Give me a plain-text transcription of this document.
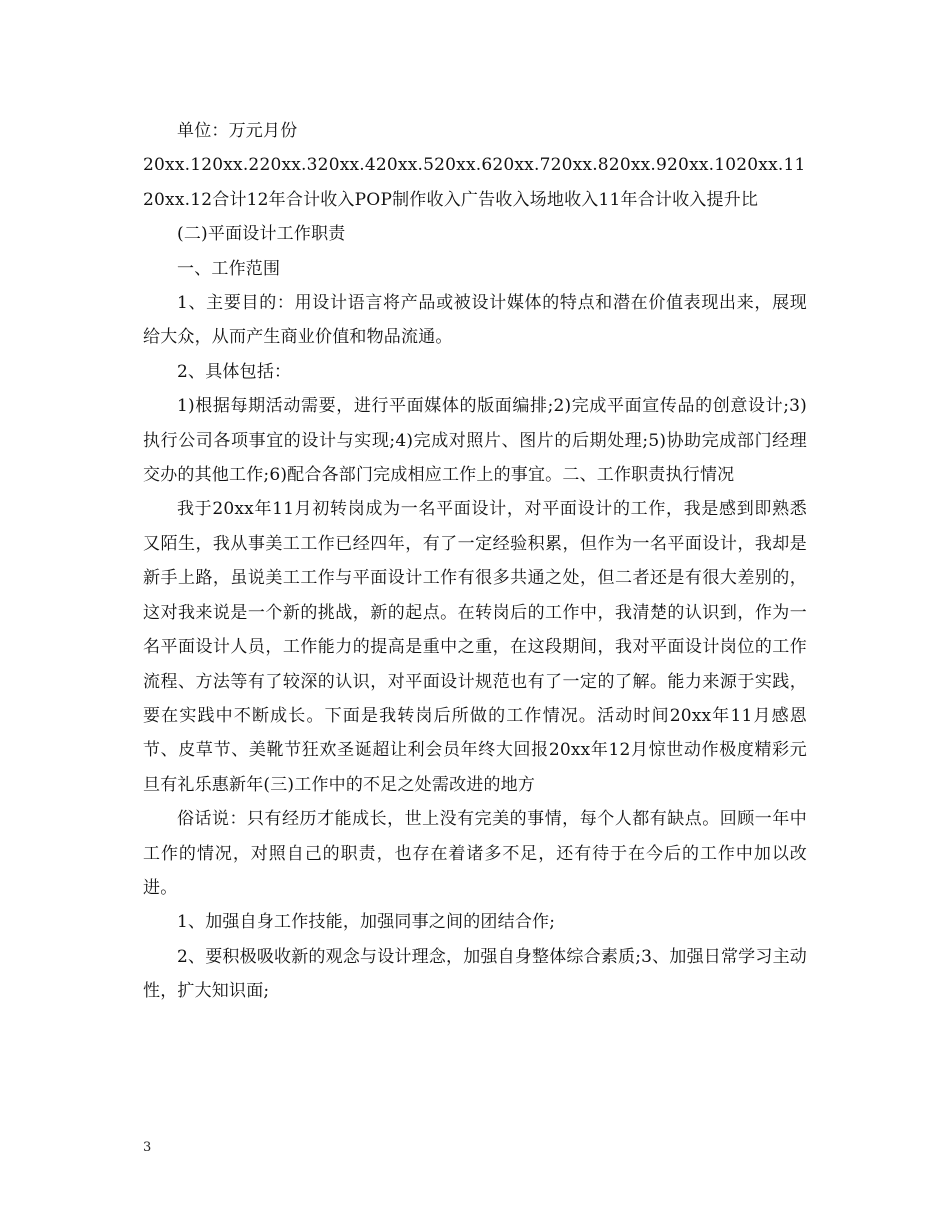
单位：万元月份

20xx.120xx.220xx.320xx.420xx.520xx.620xx.720xx.820xx.920xx.1020xx.1120xx.12合计12年合计收入POP制作收入广告收入场地收入11年合计收入提升比

(二)平面设计工作职责

一、工作范围

1、主要目的：用设计语言将产品或被设计媒体的特点和潜在价值表现出来，展现给大众，从而产生商业价值和物品流通。

2、具体包括：

1)根据每期活动需要，进行平面媒体的版面编排;2)完成平面宣传品的创意设计;3)执行公司各项事宜的设计与实现;4)完成对照片、图片的后期处理;5)协助完成部门经理交办的其他工作;6)配合各部门完成相应工作上的事宜。二、工作职责执行情况

我于20xx年11月初转岗成为一名平面设计，对平面设计的工作，我是感到即熟悉又陌生，我从事美工工作已经四年，有了一定经验积累，但作为一名平面设计，我却是新手上路，虽说美工工作与平面设计工作有很多共通之处，但二者还是有很大差别的，这对我来说是一个新的挑战，新的起点。在转岗后的工作中，我清楚的认识到，作为一名平面设计人员，工作能力的提高是重中之重，在这段期间，我对平面设计岗位的工作流程、方法等有了较深的认识，对平面设计规范也有了一定的了解。能力来源于实践，要在实践中不断成长。下面是我转岗后所做的工作情况。活动时间20xx年11月感恩节、皮草节、美靴节狂欢圣诞超让利会员年终大回报20xx年12月惊世动作极度精彩元旦有礼乐惠新年(三)工作中的不足之处需改进的地方

俗话说：只有经历才能成长，世上没有完美的事情，每个人都有缺点。回顾一年中工作的情况，对照自己的职责，也存在着诸多不足，还有待于在今后的工作中加以改进。

1、加强自身工作技能，加强同事之间的团结合作;

2、要积极吸收新的观念与设计理念，加强自身整体综合素质;3、加强日常学习主动性，扩大知识面;

3
